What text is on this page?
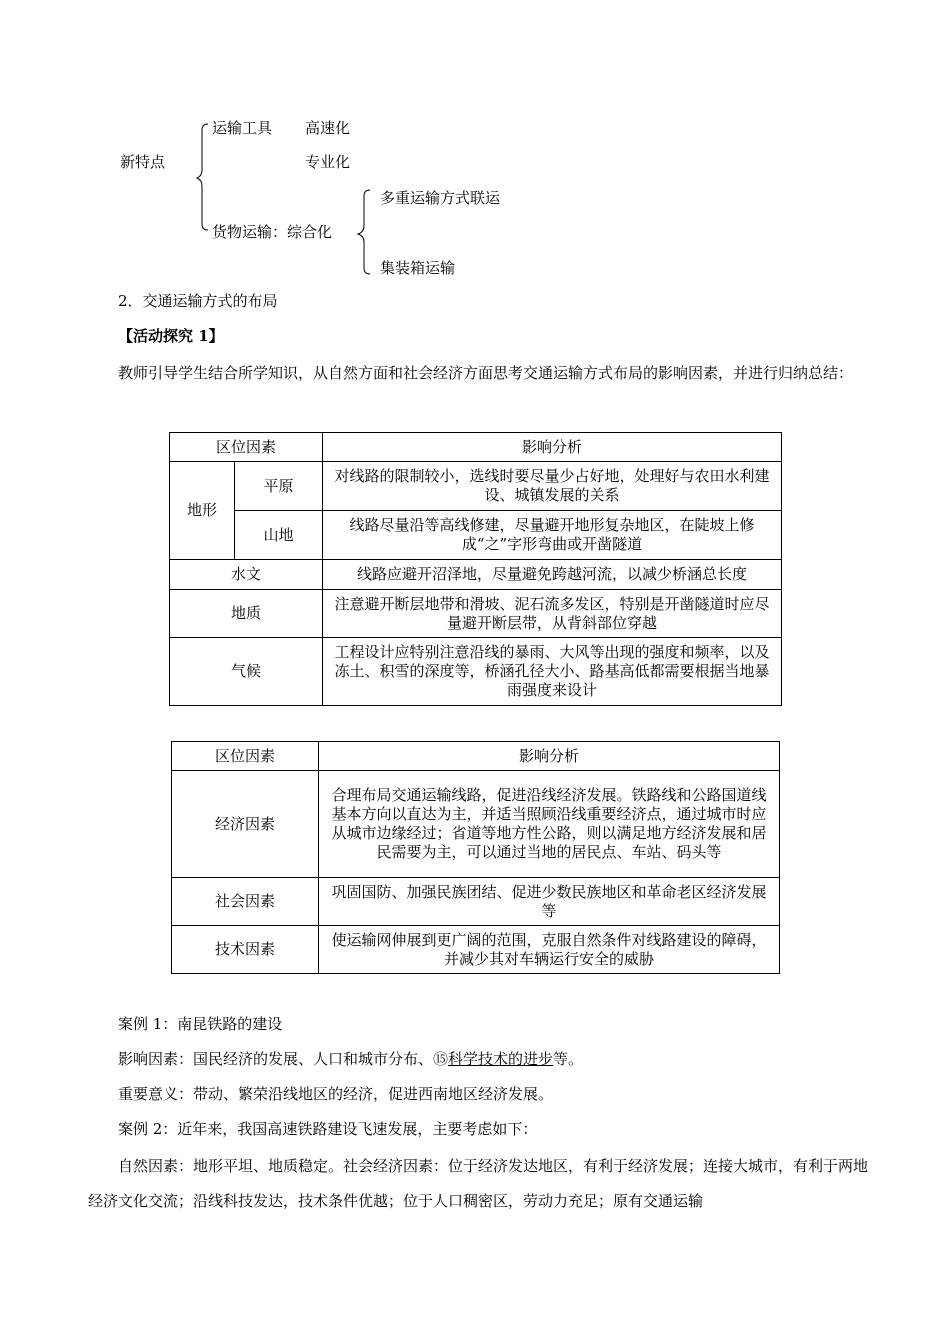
新特点
运输工具 高速化
专业化
货物运输：综合化
多重运输方式联运
集装箱运输
2．交通运输方式的布局
【活动探究 1】
教师引导学生结合所学知识，从自然方面和社会经济方面思考交通运输方式布局的影响因素，并进行归纳总结：
区位因素		影响分析
地形	平原	对线路的限制较小，选线时要尽量少占好地，处理好与农田水利建设、城镇发展的关系
	山地	线路尽量沿等高线修建，尽量避开地形复杂地区，在陡坡上修成“之”字形弯曲或开凿隧道
水文		线路应避开沼泽地，尽量避免跨越河流，以减少桥涵总长度
地质		注意避开断层地带和滑坡、泥石流多发区，特别是开凿隧道时应尽量避开断层带，从背斜部位穿越
气候		工程设计应特别注意沿线的暴雨、大风等出现的强度和频率，以及冻土、积雪的深度等，桥涵孔径大小、路基高低都需要根据当地暴雨强度来设计
区位因素	影响分析
经济因素	合理布局交通运输线路，促进沿线经济发展。铁路线和公路国道线基本方向以直达为主，并适当照顾沿线重要经济点，通过城市时应从城市边缘经过；省道等地方性公路，则以满足地方经济发展和居民需要为主，可以通过当地的居民点、车站、码头等
社会因素	巩固国防、加强民族团结、促进少数民族地区和革命老区经济发展等
技术因素	使运输网伸展到更广阔的范围，克服自然条件对线路建设的障碍，并减少其对车辆运行安全的威胁
案例 1：南昆铁路的建设
影响因素：国民经济的发展、人口和城市分布、⑮科学技术的进步等。
重要意义：带动、繁荣沿线地区的经济，促进西南地区经济发展。
案例 2：近年来，我国高速铁路建设飞速发展，主要考虑如下：
自然因素：地形平坦、地质稳定。社会经济因素：位于经济发达地区，有利于经济发展；连接大城市，有利于两地经济文化交流；沿线科技发达，技术条件优越；位于人口稠密区，劳动力充足；原有交通运输
